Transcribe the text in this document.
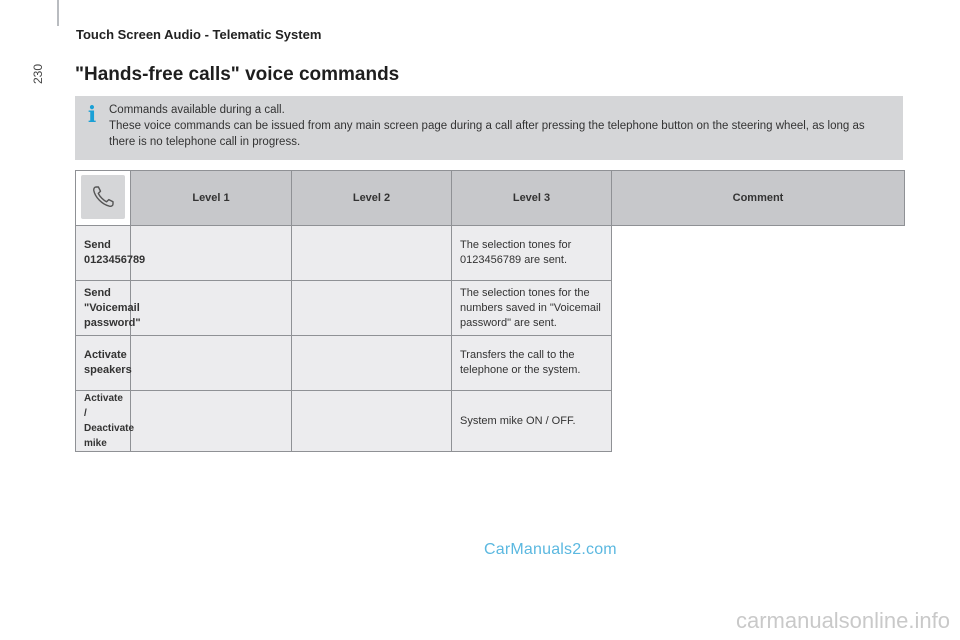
230
Touch Screen Audio - Telematic System
"Hands-free calls" voice commands
i	Commands available during a call.

These voice commands can be issued from any main screen page during a call after pressing the telephone button on the steering wheel, as long as there is no telephone call in progress.

	Level 1	Level 2	Level 3	Comment
Send 0123456789			The selection tones for 0123456789 are sent.	
Send "Voicemail password"			The selection tones for the numbers saved in "Voicemail password" are sent.	
Activate speakers			Transfers the call to the telephone or the system.	
Activate / Deactivate mike			System mike ON / OFF.	
CarManuals2.com
carmanualsonline.info
